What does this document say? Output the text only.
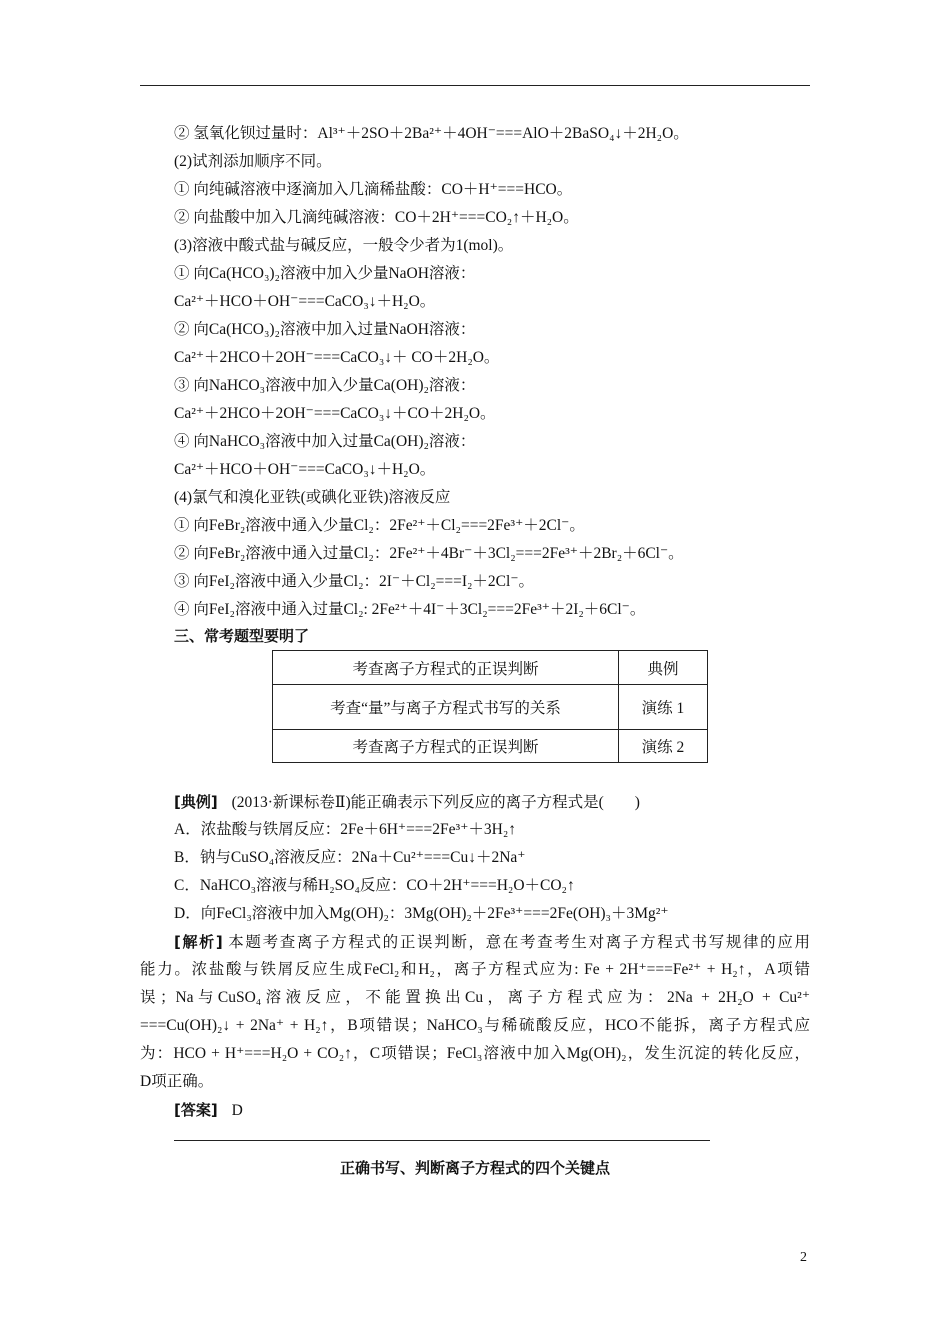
② 氢氧化钡过量时：Al³⁺＋2SO＋2Ba²⁺＋4OH⁻===AlO＋2BaSO₄↓＋2H₂O。
(2)试剂添加顺序不同。
① 向纯碱溶液中逐滴加入几滴稀盐酸：CO＋H⁺===HCO。
② 向盐酸中加入几滴纯碱溶液：CO＋2H⁺===CO₂↑＋H₂O。
(3)溶液中酸式盐与碱反应，一般令少者为1(mol)。
① 向Ca(HCO₃)₂溶液中加入少量NaOH溶液：
Ca²⁺＋HCO＋OH⁻===CaCO₃↓＋H₂O。
② 向Ca(HCO₃)₂溶液中加入过量NaOH溶液：
Ca²⁺＋2HCO＋2OH⁻===CaCO₃↓＋ CO＋2H₂O。
③ 向NaHCO₃溶液中加入少量Ca(OH)₂溶液：
Ca²⁺＋2HCO＋2OH⁻===CaCO₃↓＋CO＋2H₂O。
④ 向NaHCO₃溶液中加入过量Ca(OH)₂溶液：
Ca²⁺＋HCO＋OH⁻===CaCO₃↓＋H₂O。
(4)氯气和溴化亚铁(或碘化亚铁)溶液反应
① 向FeBr₂溶液中通入少量Cl₂：2Fe²⁺＋Cl₂===2Fe³⁺＋2Cl⁻。
② 向FeBr₂溶液中通入过量Cl₂：2Fe²⁺＋4Br⁻＋3Cl₂===2Fe³⁺＋2Br₂＋6Cl⁻。
③ 向FeI₂溶液中通入少量Cl₂：2I⁻＋Cl₂===I₂＋2Cl⁻。
④ 向FeI₂溶液中通入过量Cl₂: 2Fe²⁺＋4I⁻＋3Cl₂===2Fe³⁺＋2I₂＋6Cl⁻。
三、常考题型要明了
考查离子方程式的正误判断	典例
考查“量”与离子方程式书写的关系	演练 1
考查离子方程式的正误判断	演练 2
[典例] (2013·新课标卷Ⅱ)能正确表示下列反应的离子方程式是(　　)
A．浓盐酸与铁屑反应：2Fe＋6H⁺===2Fe³⁺＋3H₂↑
B．钠与CuSO₄溶液反应：2Na＋Cu²⁺===Cu↓＋2Na⁺
C．NaHCO₃溶液与稀H₂SO₄反应：CO＋2H⁺===H₂O＋CO₂↑
D．向FeCl₃溶液中加入Mg(OH)₂：3Mg(OH)₂＋2Fe³⁺===2Fe(OH)₃＋3Mg²⁺
[解析] 本题考查离子方程式的正误判断，意在考查考生对离子方程式书写规律的应用
能力。浓盐酸与铁屑反应生成FeCl₂和H₂，离子方程式应为: Fe + 2H⁺===Fe²⁺ + H₂↑，A项错
误；Na与CuSO₄溶液反应，不能置换出Cu，离子方程式应为：2Na + 2H₂O + Cu²⁺
===Cu(OH)₂↓ + 2Na⁺ + H₂↑，B项错误；NaHCO₃与稀硫酸反应，HCO不能拆，离子方程式应
为：HCO + H⁺===H₂O + CO₂↑，C项错误；FeCl₃溶液中加入Mg(OH)₂，发生沉淀的转化反应，
D项正确。
[答案] D
正确书写、判断离子方程式的四个关键点
2
